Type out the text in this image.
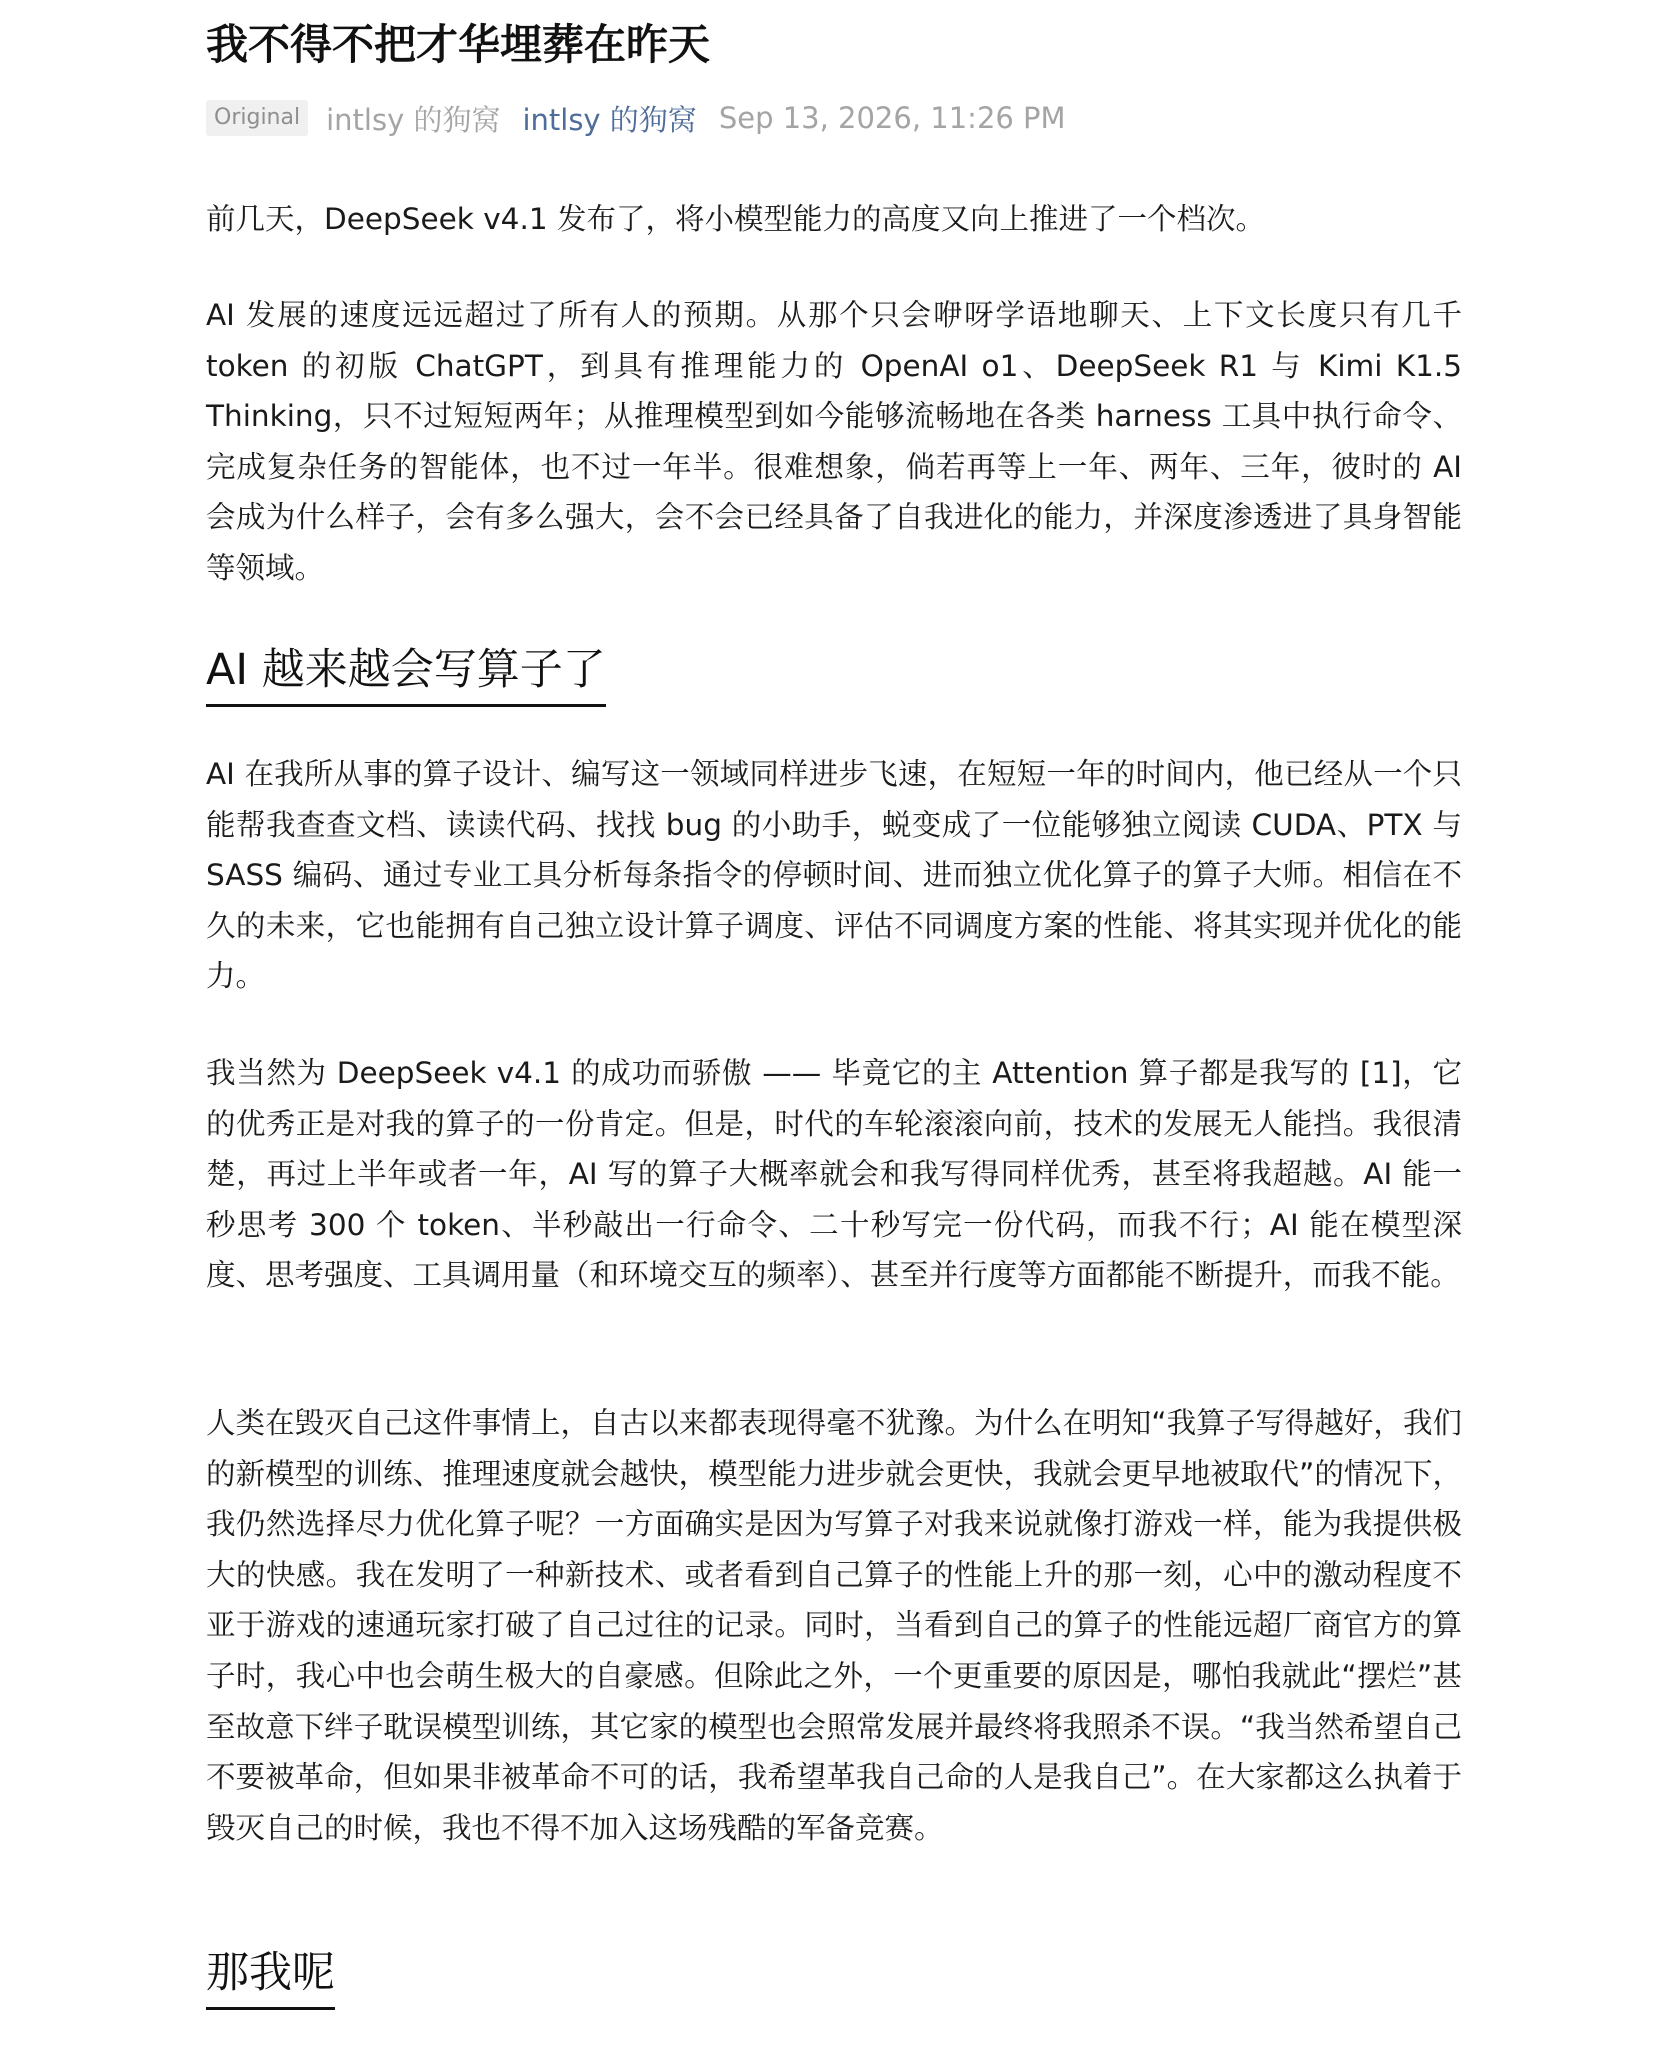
我不得不把才华埋葬在昨天
Original intlsy 的狗窝 intlsy 的狗窝 Sep 13, 2026, 11:26 PM

前几天，DeepSeek v4.1 发布了，将小模型能力的高度又向上推进了一个档次。

AI 发展的速度远远超过了所有人的预期。从那个只会咿呀学语地聊天、上下文长度只有几千 token 的初版 ChatGPT，到具有推理能力的 OpenAI o1、DeepSeek R1 与 Kimi K1.5 Thinking，只不过短短两年；从推理模型到如今能够流畅地在各类 harness 工具中执行命令、完成复杂任务的智能体，也不过一年半。很难想象，倘若再等上一年、两年、三年，彼时的 AI 会成为什么样子，会有多么强大，会不会已经具备了自我进化的能力，并深度渗透进了具身智能等领域。

AI 越来越会写算子了

AI 在我所从事的算子设计、编写这一领域同样进步飞速，在短短一年的时间内，他已经从一个只能帮我查查文档、读读代码、找找 bug 的小助手，蜕变成了一位能够独立阅读 CUDA、PTX 与 SASS 编码、通过专业工具分析每条指令的停顿时间、进而独立优化算子的算子大师。相信在不久的未来，它也能拥有自己独立设计算子调度、评估不同调度方案的性能、将其实现并优化的能力。

我当然为 DeepSeek v4.1 的成功而骄傲 —— 毕竟它的主 Attention 算子都是我写的 [1]，它的优秀正是对我的算子的一份肯定。但是，时代的车轮滚滚向前，技术的发展无人能挡。我很清楚，再过上半年或者一年，AI 写的算子大概率就会和我写得同样优秀，甚至将我超越。AI 能一秒思考 300 个 token、半秒敲出一行命令、二十秒写完一份代码，而我不行；AI 能在模型深度、思考强度、工具调用量（和环境交互的频率）、甚至并行度等方面都能不断提升，而我不能。

人类在毁灭自己这件事情上，自古以来都表现得毫不犹豫。为什么在明知“我算子写得越好，我们的新模型的训练、推理速度就会越快，模型能力进步就会更快，我就会更早地被取代”的情况下，我仍然选择尽力优化算子呢？一方面确实是因为写算子对我来说就像打游戏一样，能为我提供极大的快感。我在发明了一种新技术、或者看到自己算子的性能上升的那一刻，心中的激动程度不亚于游戏的速通玩家打破了自己过往的记录。同时，当看到自己的算子的性能远超厂商官方的算子时，我心中也会萌生极大的自豪感。但除此之外，一个更重要的原因是，哪怕我就此“摆烂”甚至故意下绊子耽误模型训练，其它家的模型也会照常发展并最终将我照杀不误。“我当然希望自己不要被革命，但如果非被革命不可的话，我希望革我自己命的人是我自己”。在大家都这么执着于毁灭自己的时候，我也不得不加入这场残酷的军备竞赛。

那我呢
